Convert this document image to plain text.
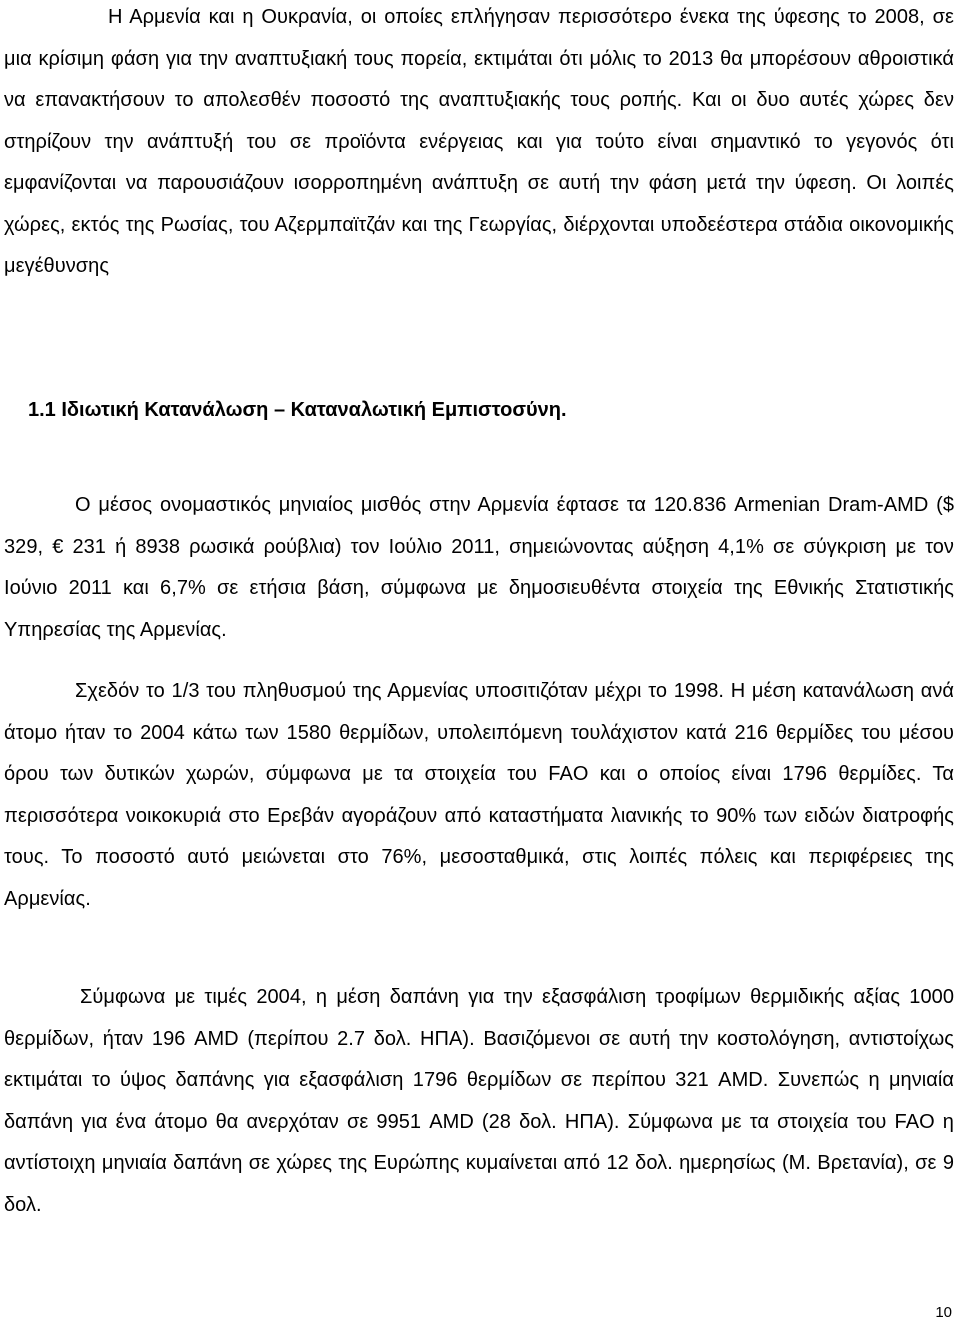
Η Αρμενία και η Ουκρανία, οι οποίες επλήγησαν περισσότερο ένεκα της ύφεσης το 2008, σε μια κρίσιμη φάση για την αναπτυξιακή τους πορεία, εκτιμάται ότι μόλις το 2013 θα μπορέσουν αθροιστικά να επανακτήσουν το απολεσθέν ποσοστό της αναπτυξιακής τους ροπής. Και οι δυο αυτές χώρες δεν στηρίζουν την ανάπτυξή του σε προϊόντα ενέργειας και για τούτο είναι σημαντικό το γεγονός ότι εμφανίζονται να παρουσιάζουν ισορροπημένη ανάπτυξη σε αυτή την φάση μετά την ύφεση. Οι λοιπές χώρες, εκτός της Ρωσίας, του Αζερμπαϊτζάν και της Γεωργίας, διέρχονται υποδεέστερα στάδια οικονομικής μεγέθυνσης

1.1 Ιδιωτική Κατανάλωση – Καταναλωτική Εμπιστοσύνη.

Ο μέσος ονομαστικός μηνιαίος μισθός στην Αρμενία έφτασε τα 120.836 Armenian Dram-AMD ($ 329, € 231 ή 8938 ρωσικά ρούβλια) τον Ιούλιο 2011, σημειώνοντας αύξηση 4,1% σε σύγκριση με τον Ιούνιο 2011 και 6,7% σε ετήσια βάση, σύμφωνα με δημοσιευθέντα στοιχεία της Εθνικής Στατιστικής Υπηρεσίας της Αρμενίας.

Σχεδόν το 1/3 του πληθυσμού της Αρμενίας υποσιτιζόταν μέχρι το 1998. Η μέση κατανάλωση ανά άτομο ήταν το 2004 κάτω των 1580 θερμίδων, υπολειπόμενη τουλάχιστον κατά 216 θερμίδες του μέσου όρου των δυτικών χωρών, σύμφωνα με τα στοιχεία του FAO και ο οποίος είναι 1796 θερμίδες. Τα περισσότερα νοικοκυριά στο Ερεβάν αγοράζουν από καταστήματα λιανικής το 90% των ειδών διατροφής τους. Το ποσοστό αυτό μειώνεται στο 76%, μεσοσταθμικά, στις λοιπές πόλεις και περιφέρειες της Αρμενίας.

Σύμφωνα με τιμές 2004, η μέση δαπάνη για την εξασφάλιση τροφίμων θερμιδικής αξίας 1000 θερμίδων, ήταν 196 AMD (περίπου 2.7 δολ. ΗΠΑ). Βασιζόμενοι σε αυτή την κοστολόγηση, αντιστοίχως εκτιμάται το ύψος δαπάνης για εξασφάλιση 1796 θερμίδων σε περίπου 321 AMD. Συνεπώς η μηνιαία δαπάνη για ένα άτομο θα ανερχόταν σε 9951 AMD (28 δολ. ΗΠΑ). Σύμφωνα με τα στοιχεία του FAO η αντίστοιχη μηνιαία δαπάνη σε χώρες της Ευρώπης κυμαίνεται από 12 δολ. ημερησίως (Μ. Βρετανία), σε 9 δολ.

10
